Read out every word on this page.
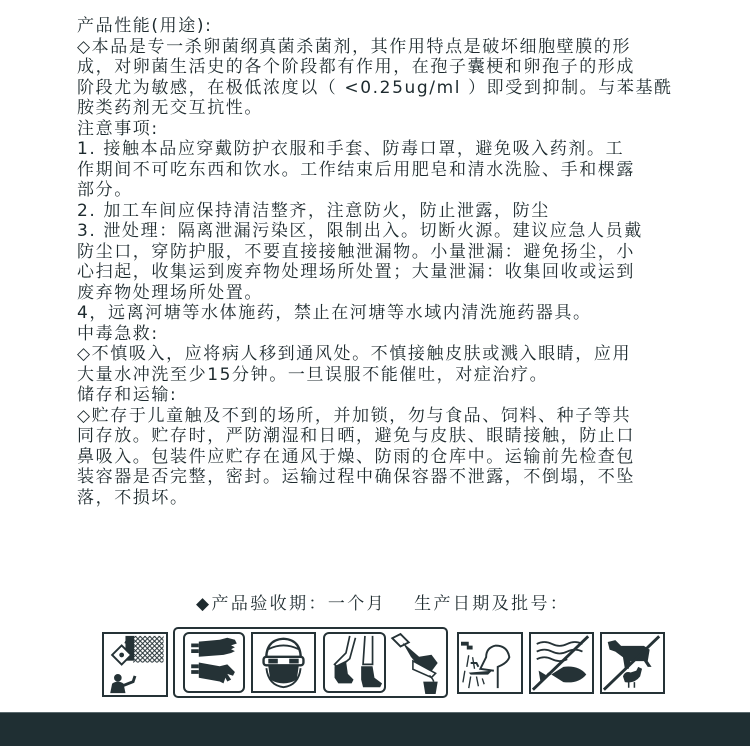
产品性能(用途):
◇本品是专一杀卵菌纲真菌杀菌剂，其作用特点是破坏细胞壁膜的形
成，对卵菌生活史的各个阶段都有作用，在孢子囊梗和卵孢子的形成
阶段尤为敏感，在极低浓度以（ <0.25ug/ml ）即受到抑制。与苯基酰
胺类药剂无交互抗性。
注意事项:
1. 接触本品应穿戴防护衣服和手套、防毒口罩，避免吸入药剂。工
作期间不可吃东西和饮水。工作结束后用肥皂和清水洗脸、手和棵露
部分。
2. 加工车间应保持清洁整齐，注意防火，防止泄露，防尘
3. 泄处理：隔离泄漏污染区，限制出入。切断火源。建议应急人员戴
防尘口，穿防护服，不要直接接触泄漏物。小量泄漏：避免扬尘，小
心扫起，收集运到废弃物处理场所处置；大量泄漏：收集回收或运到
废弃物处理场所处置。
4，远离河塘等水体施药，禁止在河塘等水域内清洗施药器具。
中毒急救:
◇不慎吸入，应将病人移到通风处。不慎接触皮肤或溅入眼睛，应用
大量水冲洗至少15分钟。一旦误服不能催吐，对症治疗。
储存和运输:
◇贮存于儿童触及不到的场所，并加锁，勿与食品、饲料、种子等共
同存放。贮存时，严防潮湿和日晒，避免与皮肤、眼睛接触，防止口
鼻吸入。包装件应贮存在通风于燥、防雨的仓库中。运输前先检查包
装容器是否完整，密封。运输过程中确保容器不泄露，不倒塌，不坠
落，不损坏。
◆产品验收期：一个月 生产日期及批号：
